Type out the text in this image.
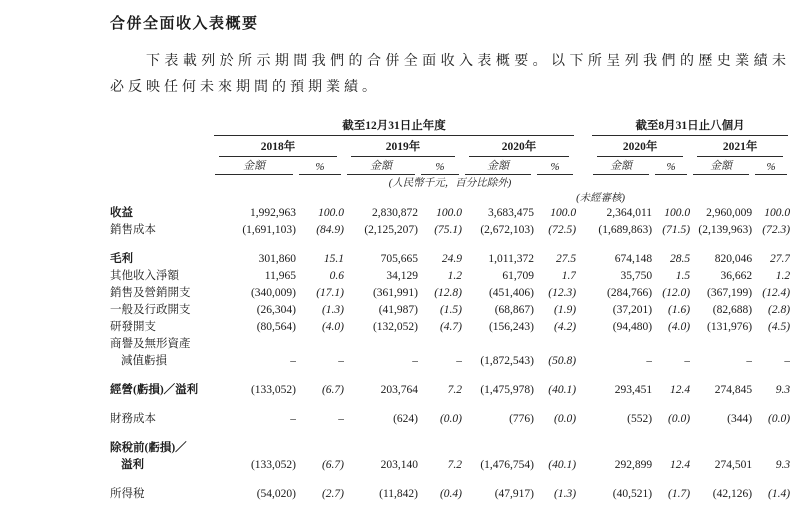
合併全面收入表概要

下表載列於所示期間我們的合併全面收入表概要。以下所呈列我們的歷史業績未必反映任何未來期間的預期業績。

	截至12月31日止年度							截至8月31日止八個月			

	2018年		2019年		2020年			2020年		2021年	

	金額	%	金額	%	金額	%		金額	%	金額	%

(人民幣千元，百分比除外)											
							(未經審核)				
收益	1,992,963	100.0	2,830,872	100.0	3,683,475	100.0		2,364,011	100.0	2,960,009	100.0
銷售成本	(1,691,103)	(84.9)	(2,125,207)	(75.1)	(2,672,103)	(72.5)		(1,689,863)	(71.5)	(2,139,963)	(72.3)

毛利	301,860	15.1	705,665	24.9	1,011,372	27.5		674,148	28.5	820,046	27.7
其他收入淨額	11,965	0.6	34,129	1.2	61,709	1.7		35,750	1.5	36,662	1.2
銷售及營銷開支	(340,009)	(17.1)	(361,991)	(12.8)	(451,406)	(12.3)		(284,766)	(12.0)	(367,199)	(12.4)
一般及行政開支	(26,304)	(1.3)	(41,987)	(1.5)	(68,867)	(1.9)		(37,201)	(1.6)	(82,688)	(2.8)
研發開支	(80,564)	(4.0)	(132,052)	(4.7)	(156,243)	(4.2)		(94,480)	(4.0)	(131,976)	(4.5)
商譽及無形資產											
減值虧損	–	–	–	–	(1,872,543)	(50.8)		–	–	–	–

經營(虧損)／溢利	(133,052)	(6.7)	203,764	7.2	(1,475,978)	(40.1)		293,451	12.4	274,845	9.3

財務成本	–	–	(624)	(0.0)	(776)	(0.0)		(552)	(0.0)	(344)	(0.0)

除稅前(虧損)／											
溢利	(133,052)	(6.7)	203,140	7.2	(1,476,754)	(40.1)		292,899	12.4	274,501	9.3

所得稅	(54,020)	(2.7)	(11,842)	(0.4)	(47,917)	(1.3)		(40,521)	(1.7)	(42,126)	(1.4)
